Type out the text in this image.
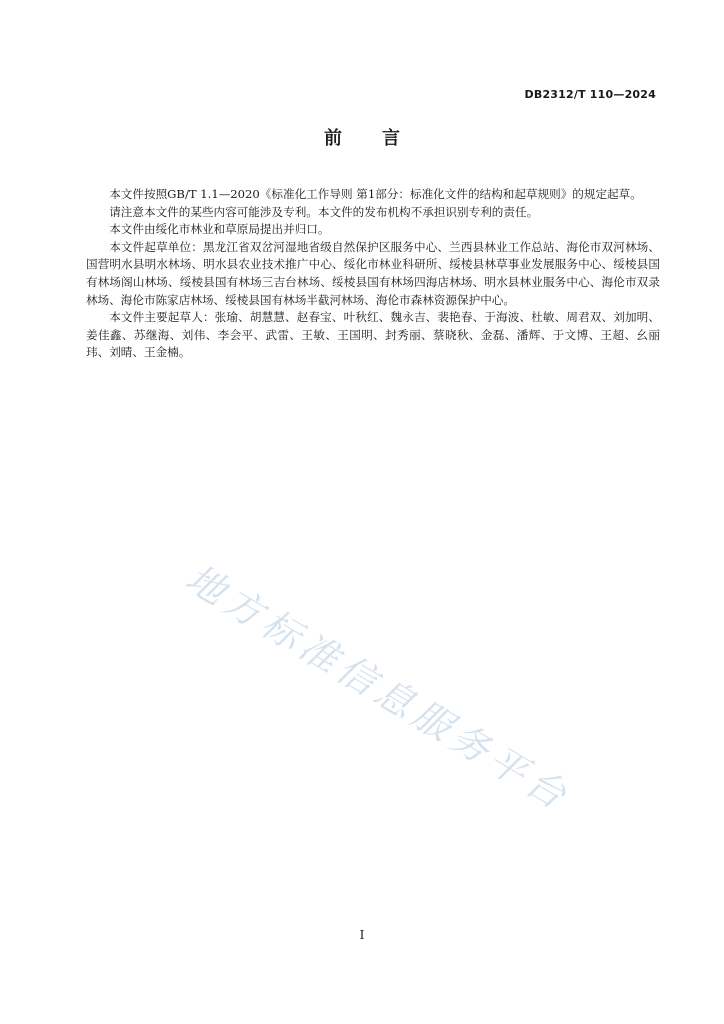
DB2312/T 110—2024
前言

本文件按照GB/T 1.1—2020《标准化工作导则 第1部分：标准化文件的结构和起草规则》的规定起草。

请注意本文件的某些内容可能涉及专利。本文件的发布机构不承担识别专利的责任。

本文件由绥化市林业和草原局提出并归口。

本文件起草单位：黑龙江省双岔河湿地省级自然保护区服务中心、兰西县林业工作总站、海伦市双河林场、国营明水县明水林场、明水县农业技术推广中心、绥化市林业科研所、绥棱县林草事业发展服务中心、绥棱县国有林场阁山林场、绥棱县国有林场三吉台林场、绥棱县国有林场四海店林场、明水县林业服务中心、海伦市双录林场、海伦市陈家店林场、绥棱县国有林场半截河林场、海伦市森林资源保护中心。

本文件主要起草人：张瑜、胡慧慧、赵春宝、叶秋红、魏永吉、裴艳春、于海波、杜敏、周君双、刘加明、姜佳鑫、苏继海、刘伟、李会平、武雷、王敏、王国明、封秀丽、蔡晓秋、金磊、潘辉、于文博、王超、幺丽玮、刘晴、王金楠。

地方标准信息服务平台
I
